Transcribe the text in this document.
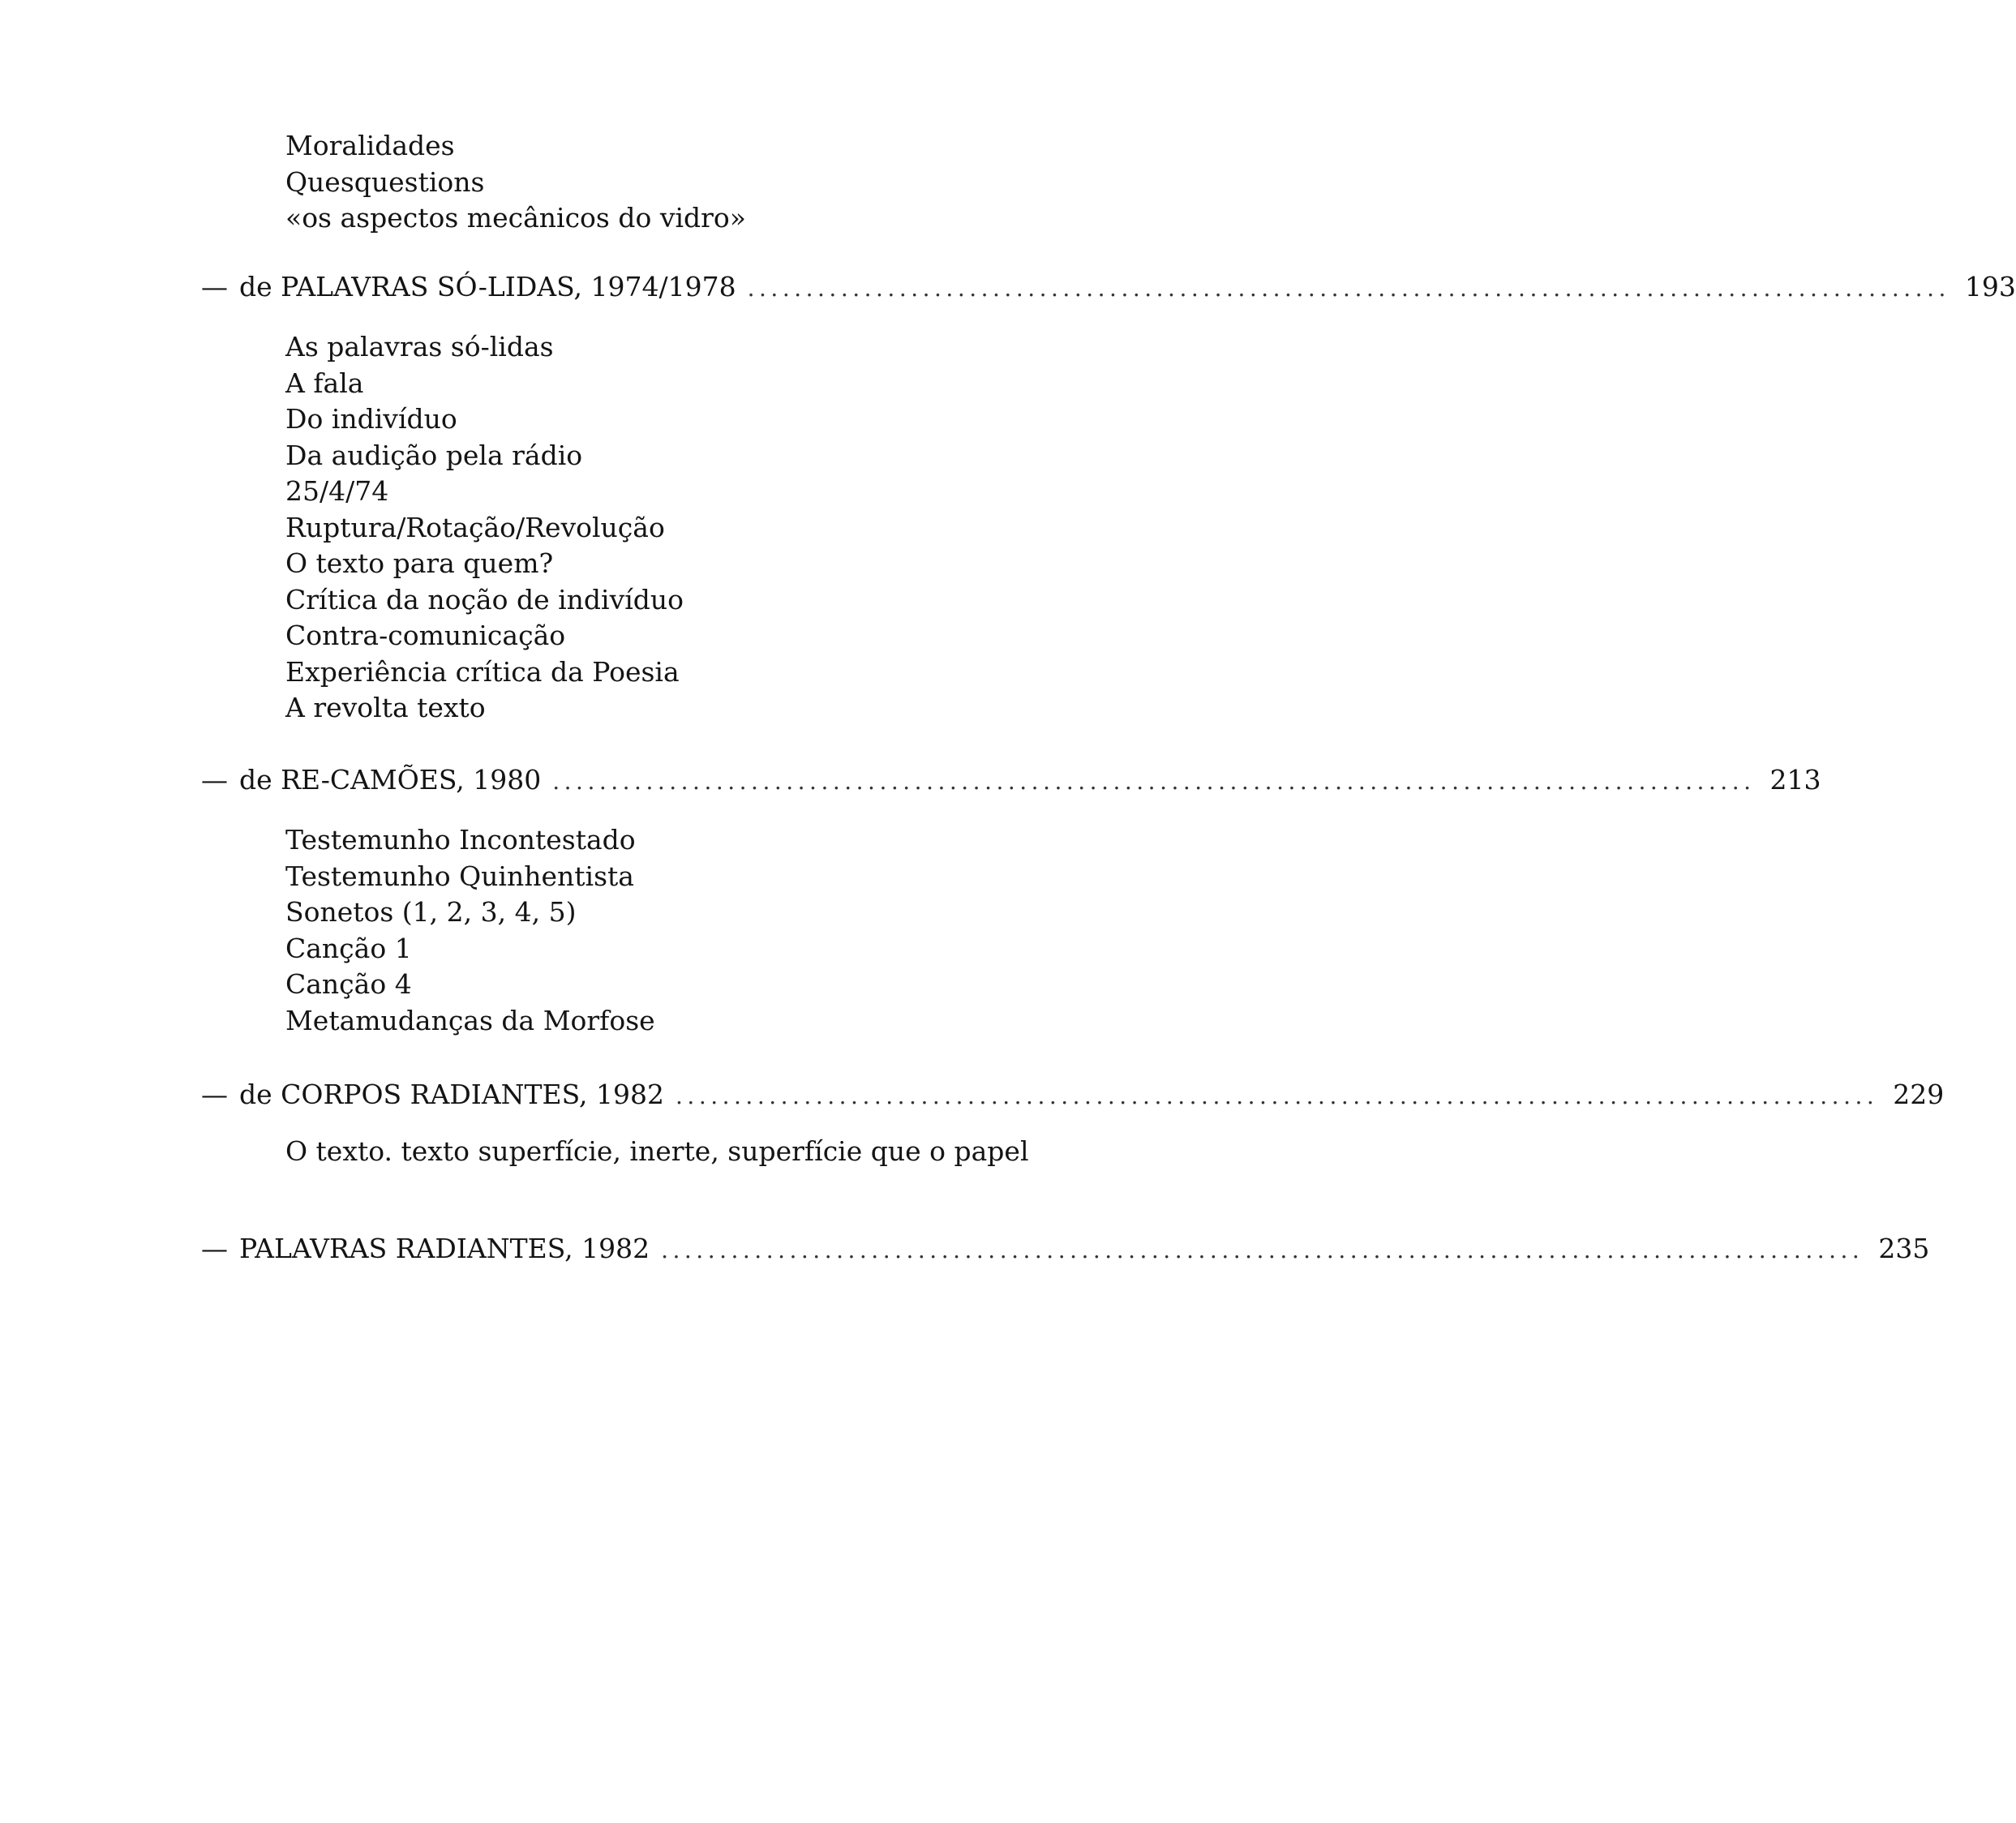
Moralidades
Quesquestions
«os aspectos mecânicos do vidro»
— de PALAVRAS SÓ-LIDAS, 1974/1978 ....................................................................................................... 193
As palavras só-lidas
A fala
Do indivíduo
Da audição pela rádio
25/4/74
Ruptura/Rotação/Revolução
O texto para quem?
Crítica da noção de indivíduo
Contra-comunicação
Experiência crítica da Poesia
A revolta texto
— de RE-CAMÕES, 1980 ....................................................................................................... 213
Testemunho Incontestado
Testemunho Quinhentista
Sonetos (1, 2, 3, 4, 5)
Canção 1
Canção 4
Metamudanças da Morfose
— de CORPOS RADIANTES, 1982 ....................................................................................................... 229
O texto. texto superfície, inerte, superfície que o papel
— PALAVRAS RADIANTES, 1982 ....................................................................................................... 235
